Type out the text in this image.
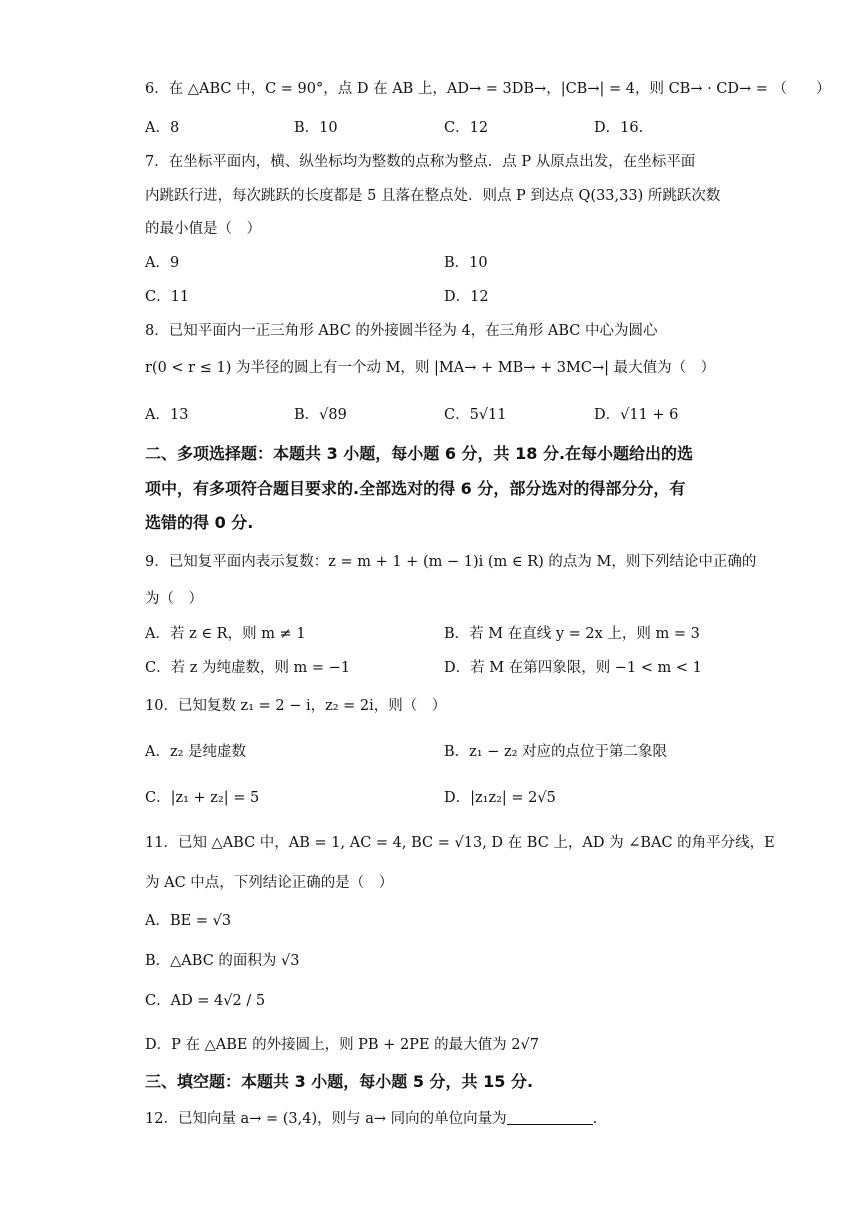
6．在 △ABC 中，C = 90°，点 D 在 AB 上，AD→ = 3DB→，|CB→| = 4，则 CB→ · CD→ = （　　）
A．8	B．10	C．12	D．16.
7．在坐标平面内，横、纵坐标均为整数的点称为整点．点 P 从原点出发，在坐标平面
内跳跃行进，每次跳跃的长度都是 5 且落在整点处．则点 P 到达点 Q(33,33) 所跳跃次数
的最小值是（　）
A．9	B．10
C．11	D．12
8．已知平面内一正三角形 ABC 的外接圆半径为 4，在三角形 ABC 中心为圆心
r(0 < r ≤ 1) 为半径的圆上有一个动 M，则 |MA→ + MB→ + 3MC→| 最大值为（　）
A．13	B．√89	C．5√11	D．√11 + 6
二、多项选择题：本题共 3 小题，每小题 6 分，共 18 分.在每小题给出的选
项中，有多项符合题目要求的.全部选对的得 6 分，部分选对的得部分分，有
选错的得 0 分.
9．已知复平面内表示复数：z = m + 1 + (m − 1)i (m ∈ R) 的点为 M，则下列结论中正确的
为（　）
A．若 z ∈ R，则 m ≠ 1	B．若 M 在直线 y = 2x 上，则 m = 3
C．若 z 为纯虚数，则 m = −1	D．若 M 在第四象限，则 −1 < m < 1
10．已知复数 z₁ = 2 − i，z₂ = 2i，则（　）
A．z₂ 是纯虚数	B．z₁ − z₂ 对应的点位于第二象限
C．|z₁ + z₂| = 5	D．|z₁z₂| = 2√5
11．已知 △ABC 中，AB = 1, AC = 4, BC = √13, D 在 BC 上，AD 为 ∠BAC 的角平分线，E
为 AC 中点，下列结论正确的是（　）
A．BE = √3
B．△ABC 的面积为 √3
C．AD = 4√2 / 5
D．P 在 △ABE 的外接圆上，则 PB + 2PE 的最大值为 2√7
三、填空题：本题共 3 小题，每小题 5 分，共 15 分.
12．已知向量 a→ = (3,4)，则与 a→ 同向的单位向量为	.
